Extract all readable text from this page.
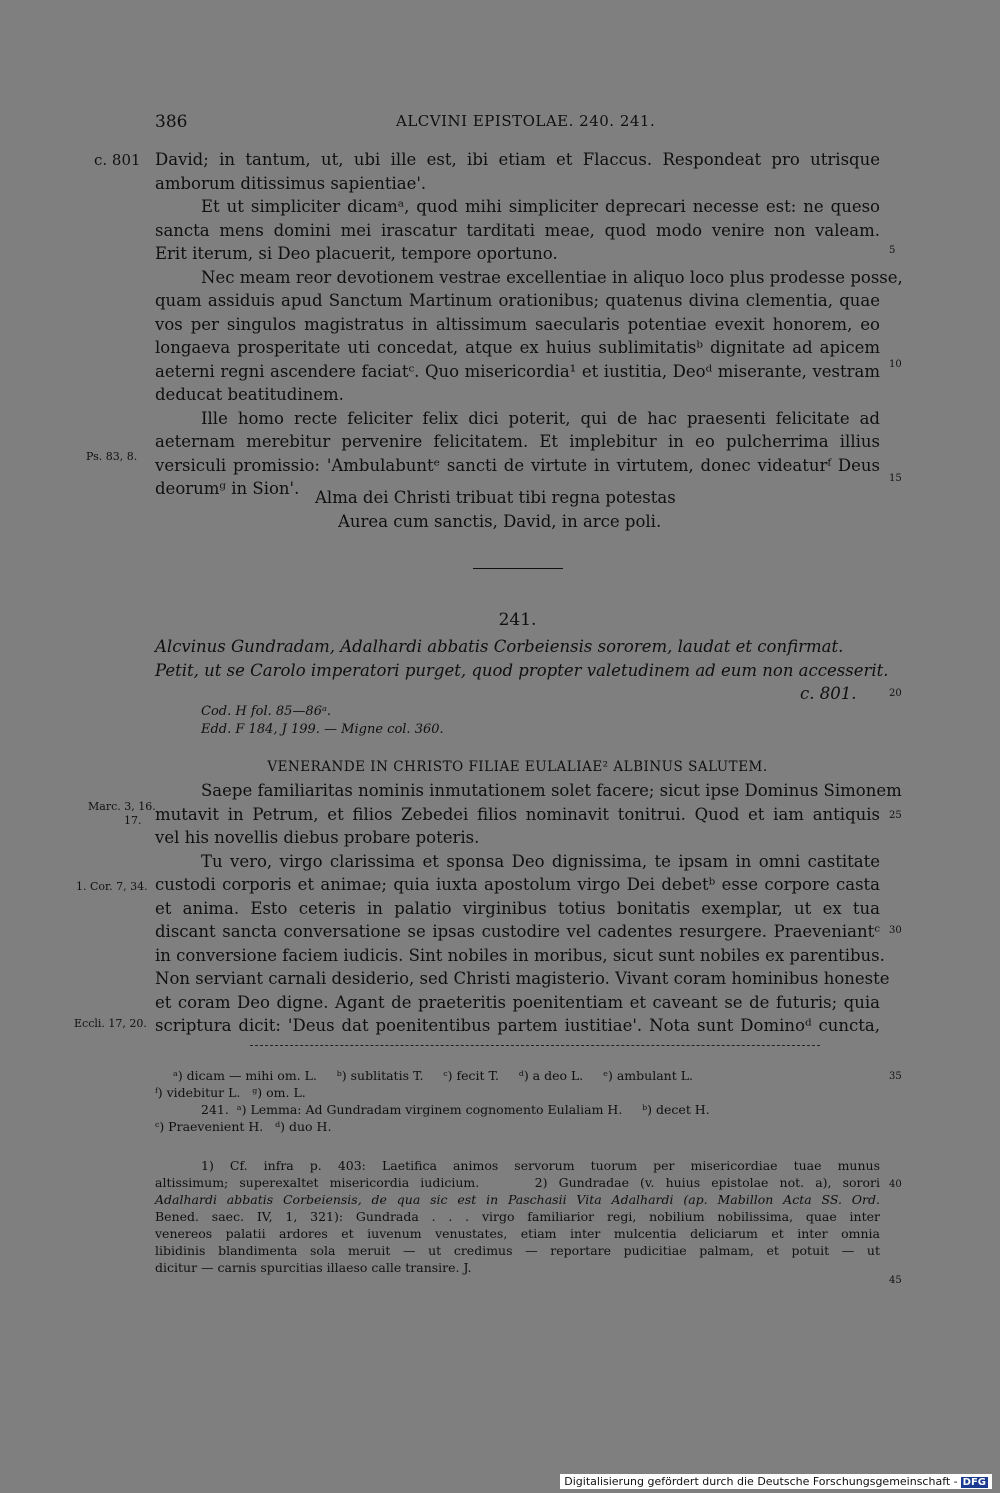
386	ALCVINI EPISTOLAE. 240. 241.
c. 801
Ps. 83, 8.
Marc. 3, 16.
17.
1. Cor. 7, 34.
Eccli. 17, 20.
5
10
15
20
25
30
35
40
45
David; in tantum, ut, ubi ille est, ibi etiam et Flaccus. Respondeat pro utrisque
amborum ditissimus sapientiae'.
Et ut simpliciter dicamᵃ, quod mihi simpliciter deprecari necesse est: ne queso
sancta mens domini mei irascatur tarditati meae, quod modo venire non valeam.
Erit iterum, si Deo placuerit, tempore oportuno.
Nec meam reor devotionem vestrae excellentiae in aliquo loco plus prodesse posse,
quam assiduis apud Sanctum Martinum orationibus; quatenus divina clementia, quae
vos per singulos magistratus in altissimum saecularis potentiae evexit honorem, eo
longaeva prosperitate uti concedat, atque ex huius sublimitatisᵇ dignitate ad apicem
aeterni regni ascendere faciatᶜ. Quo misericordia¹ et iustitia, Deoᵈ miserante, vestram
deducat beatitudinem.
Ille homo recte feliciter felix dici poterit, qui de hac praesenti felicitate ad
aeternam merebitur pervenire felicitatem. Et implebitur in eo pulcherrima illius
versiculi promissio: 'Ambulabuntᵉ sancti de virtute in virtutem, donec videaturᶠ Deus
deorumᵍ in Sion'. Alma dei Christi tribuat tibi regna potestas
Aurea cum sanctis, David, in arce poli.
241.
Alcvinus Gundradam, Adalhardi abbatis Corbeiensis sororem, laudat et confirmat.
Petit, ut se Carolo imperatori purget, quod propter valetudinem ad eum non accesserit.
c. 801.
Cod. H fol. 85—86ᵃ.
Edd. F 184, J 199. — Migne col. 360.
VENERANDE IN CHRISTO FILIAE EULALIAE² ALBINUS SALUTEM.
Saepe familiaritas nominis inmutationem solet facere; sicut ipse Dominus Simonem
mutavit in Petrum, et filios Zebedei filios nominavit tonitrui. Quod et iam antiquis
vel his novellis diebus probare poteris.
Tu vero, virgo clarissima et sponsa Deo dignissima, te ipsam in omni castitate
custodi corporis et animae; quia iuxta apostolum virgo Dei debetᵇ esse corpore casta
et anima. Esto ceteris in palatio virginibus totius bonitatis exemplar, ut ex tua
discant sancta conversatione se ipsas custodire vel cadentes resurgere. Praeveniantᶜ
in conversione faciem iudicis. Sint nobiles in moribus, sicut sunt nobiles ex parentibus.
Non serviant carnali desiderio, sed Christi magisterio. Vivant coram hominibus honeste
et coram Deo digne. Agant de praeteritis poenitentiam et caveant se de futuris; quia
scriptura dicit: 'Deus dat poenitentibus partem iustitiae'. Nota sunt Dominoᵈ cuncta,
ᵃ) dicam — mihi om. L.     ᵇ) sublitatis T.     ᶜ) fecit T.     ᵈ) a deo L.     ᵉ) ambulant L.
ᶠ) videbitur L.   ᵍ) om. L.
241.  ᵃ) Lemma: Ad Gundradam virginem cognomento Eulaliam H.     ᵇ) decet H.
ᶜ) Praevenient H.   ᵈ) duo H.
1) Cf. infra p. 403: Laetifica animos servorum tuorum per misericordiae tuae munus
altissimum; superexaltet misericordia iudicium.     2) Gundradae (v. huius epistolae not. a), sorori
Adalhardi abbatis Corbeiensis, de qua sic est in Paschasii Vita Adalhardi (ap. Mabillon Acta SS. Ord.
Bened. saec. IV, 1, 321): Gundrada . . . virgo familiarior regi, nobilium nobilissima, quae inter
venereos palatii ardores et iuvenum venustates, etiam inter mulcentia deliciarum et inter omnia
libidinis blandimenta sola meruit — ut credimus — reportare pudicitiae palmam, et potuit — ut
dicitur — carnis spurcitias illaeso calle transire. J.
Digitalisierung gefördert durch die Deutsche Forschungsgemeinschaft - DFG
